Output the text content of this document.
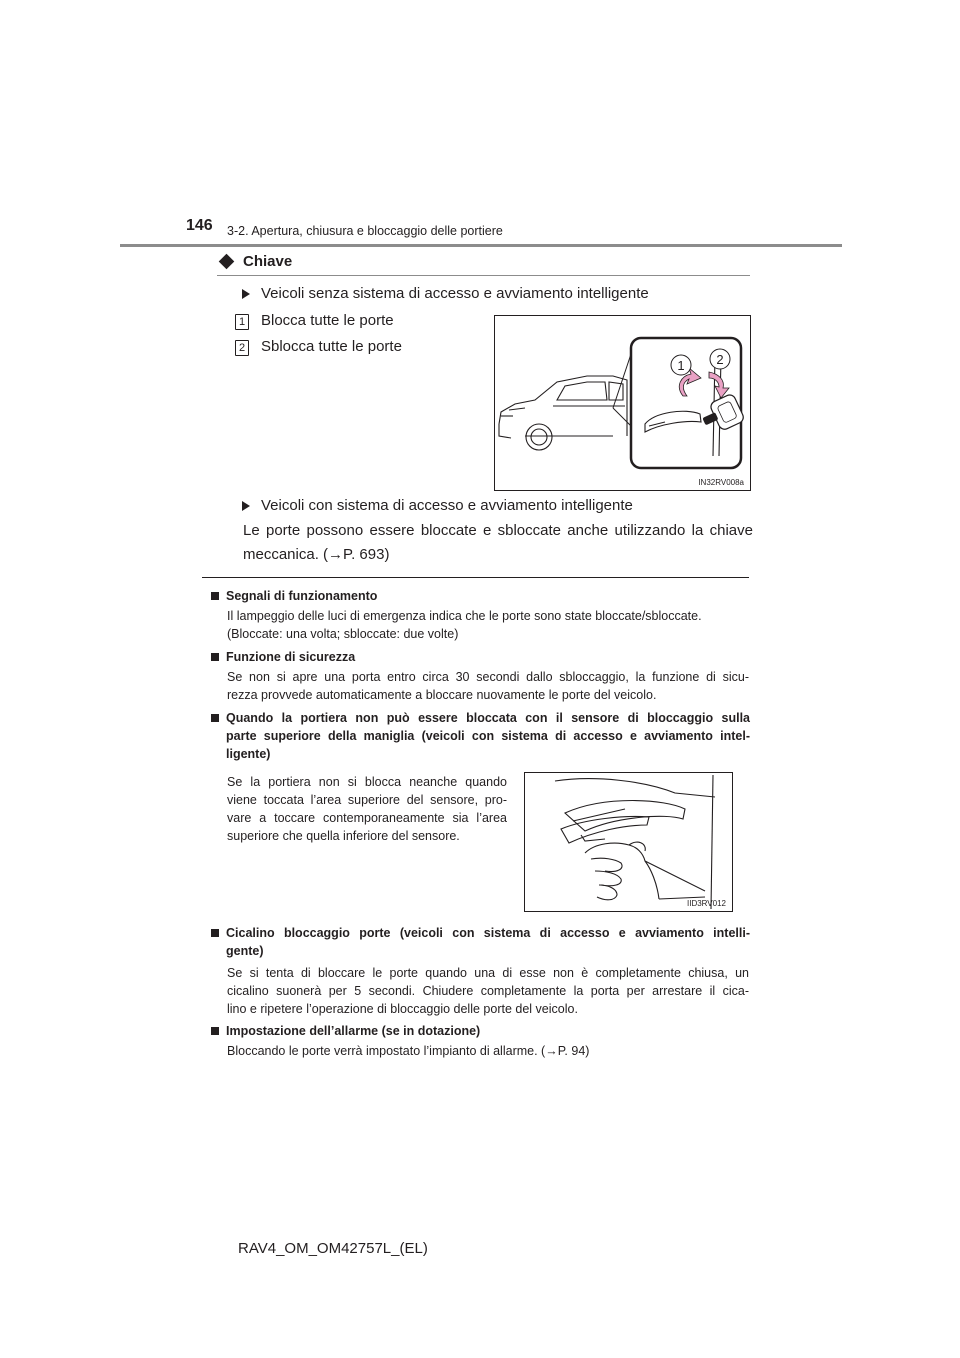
146 3-2. Apertura, chiusura e bloccaggio delle portiere
Chiave
Veicoli senza sistema di accesso e avviamento intelligente
1 Blocca tutte le porte
2 Sblocca tutte le porte
1 2
IN32RV008a
Veicoli con sistema di accesso e avviamento intelligente
Le porte possono essere bloccate e sbloccate anche utilizzando la chiave
meccanica. (→P. 693)
Segnali di funzionamento
Il lampeggio delle luci di emergenza indica che le porte sono state bloccate/sbloccate.
(Bloccate: una volta; sbloccate: due volte)
Funzione di sicurezza
Se non si apre una porta entro circa 30 secondi dallo sbloccaggio, la funzione di sicu-
rezza provvede automaticamente a bloccare nuovamente le porte del veicolo.
Quando la portiera non può essere bloccata con il sensore di bloccaggio sulla
parte superiore della maniglia (veicoli con sistema di accesso e avviamento intel-
ligente)
Se la portiera non si blocca neanche quando
viene toccata l’area superiore del sensore, pro-
vare a toccare contemporaneamente sia l’area
superiore che quella inferiore del sensore.
IID3RV012
Cicalino bloccaggio porte (veicoli con sistema di accesso e avviamento intelli-
gente)
Se si tenta di bloccare le porte quando una di esse non è completamente chiusa, un
cicalino suonerà per 5 secondi. Chiudere completamente la porta per arrestare il cica-
lino e ripetere l’operazione di bloccaggio delle porte del veicolo.
Impostazione dell’allarme (se in dotazione)
Bloccando le porte verrà impostato l’impianto di allarme. (→P. 94)
RAV4_OM_OM42757L_(EL)
